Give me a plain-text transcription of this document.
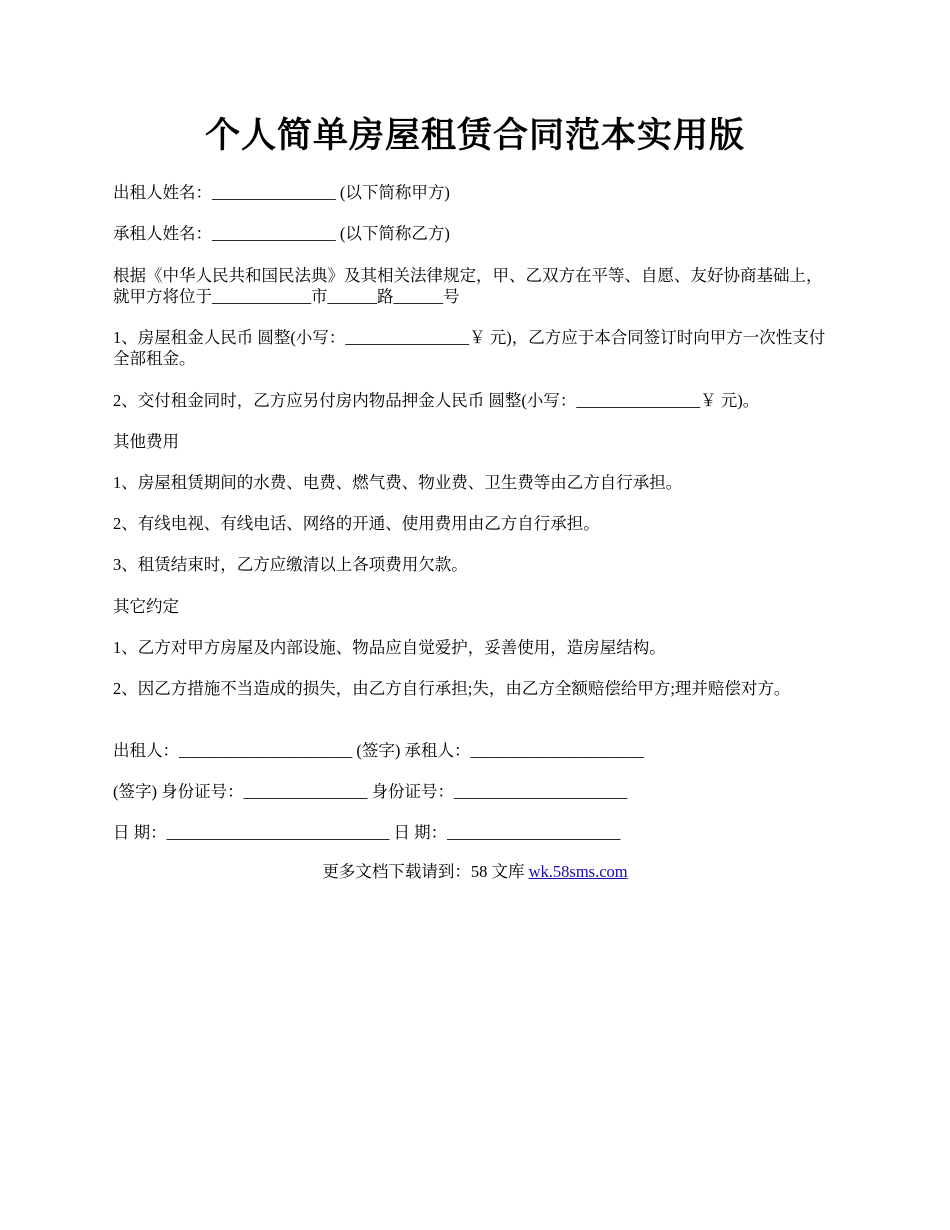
个人简单房屋租赁合同范本实用版

出租人姓名：_______________ (以下简称甲方)

承租人姓名：_______________ (以下简称乙方)

根据《中华人民共和国民法典》及其相关法律规定，甲、乙双方在平等、自愿、友好协商基础上，就甲方将位于____________市______路______号

1、房屋租金人民币 圆整(小写：_______________￥ 元)，乙方应于本合同签订时向甲方一次性支付全部租金。

2、交付租金同时，乙方应另付房内物品押金人民币 圆整(小写：_______________￥ 元)。

其他费用

1、房屋租赁期间的水费、电费、燃气费、物业费、卫生费等由乙方自行承担。

2、有线电视、有线电话、网络的开通、使用费用由乙方自行承担。

3、租赁结束时，乙方应缴清以上各项费用欠款。

其它约定

1、乙方对甲方房屋及内部设施、物品应自觉爱护，妥善使用，造房屋结构。

2、因乙方措施不当造成的损失，由乙方自行承担;失，由乙方全额赔偿给甲方;理并赔偿对方。

出租人：_____________________ (签字) 承租人：_____________________

(签字) 身份证号：_______________ 身份证号：_____________________

日 期：___________________________ 日 期：_____________________

更多文档下载请到：58 文库 wk.58sms.com
